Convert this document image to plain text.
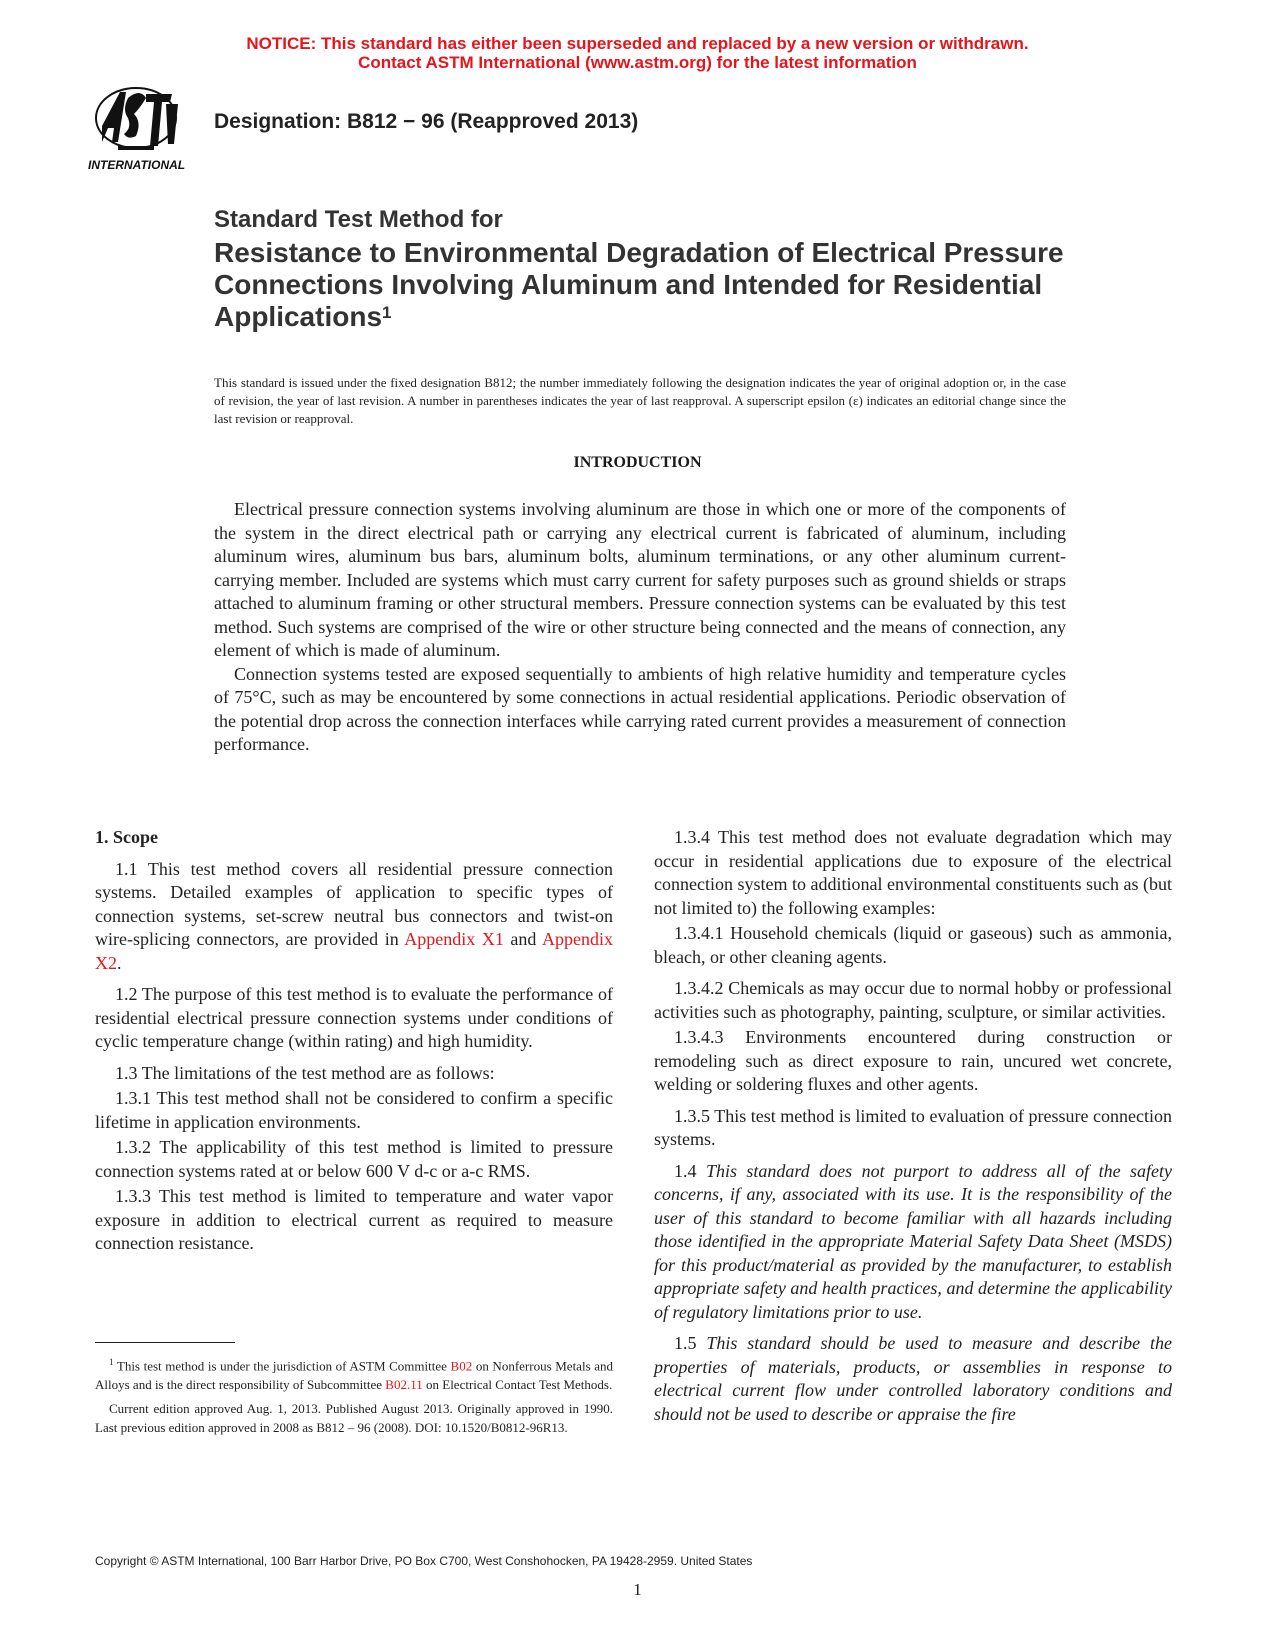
NOTICE: This standard has either been superseded and replaced by a new version or withdrawn.
Contact ASTM International (www.astm.org) for the latest information
INTERNATIONAL
Designation: B812 − 96 (Reapproved 2013)
Standard Test Method for
Resistance to Environmental Degradation of Electrical Pressure Connections Involving Aluminum and Intended for Residential Applications$^1$
This standard is issued under the fixed designation B812; the number immediately following the designation indicates the year of original adoption or, in the case of revision, the year of last revision. A number in parentheses indicates the year of last reapproval. A superscript epsilon (ε) indicates an editorial change since the last revision or reapproval.
INTRODUCTION

Electrical pressure connection systems involving aluminum are those in which one or more of the components of the system in the direct electrical path or carrying any electrical current is fabricated of aluminum, including aluminum wires, aluminum bus bars, aluminum bolts, aluminum terminations, or any other aluminum current-carrying member. Included are systems which must carry current for safety purposes such as ground shields or straps attached to aluminum framing or other structural members. Pressure connection systems can be evaluated by this test method. Such systems are comprised of the wire or other structure being connected and the means of connection, any element of which is made of aluminum.

Connection systems tested are exposed sequentially to ambients of high relative humidity and temperature cycles of 75°C, such as may be encountered by some connections in actual residential applications. Periodic observation of the potential drop across the connection interfaces while carrying rated current provides a measurement of connection performance.

1. Scope

1.1 This test method covers all residential pressure connection systems. Detailed examples of application to specific types of connection systems, set-screw neutral bus connectors and twist-on wire-splicing connectors, are provided in Appendix X1 and Appendix X2.

1.2 The purpose of this test method is to evaluate the performance of residential electrical pressure connection systems under conditions of cyclic temperature change (within rating) and high humidity.

1.3 The limitations of the test method are as follows:

1.3.1 This test method shall not be considered to confirm a specific lifetime in application environments.

1.3.2 The applicability of this test method is limited to pressure connection systems rated at or below 600 V d-c or a-c RMS.

1.3.3 This test method is limited to temperature and water vapor exposure in addition to electrical current as required to measure connection resistance.

1.3.4 This test method does not evaluate degradation which may occur in residential applications due to exposure of the electrical connection system to additional environmental constituents such as (but not limited to) the following examples:

1.3.4.1 Household chemicals (liquid or gaseous) such as ammonia, bleach, or other cleaning agents.

1.3.4.2 Chemicals as may occur due to normal hobby or professional activities such as photography, painting, sculpture, or similar activities.

1.3.4.3 Environments encountered during construction or remodeling such as direct exposure to rain, uncured wet concrete, welding or soldering fluxes and other agents.

1.3.5 This test method is limited to evaluation of pressure connection systems.

1.4 This standard does not purport to address all of the safety concerns, if any, associated with its use. It is the responsibility of the user of this standard to become familiar with all hazards including those identified in the appropriate Material Safety Data Sheet (MSDS) for this product/material as provided by the manufacturer, to establish appropriate safety and health practices, and determine the applicability of regulatory limitations prior to use.

1.5 This standard should be used to measure and describe the properties of materials, products, or assemblies in response to electrical current flow under controlled laboratory conditions and should not be used to describe or appraise the fire

$^1$ This test method is under the jurisdiction of ASTM Committee B02 on Nonferrous Metals and Alloys and is the direct responsibility of Subcommittee B02.11 on Electrical Contact Test Methods.

Current edition approved Aug. 1, 2013. Published August 2013. Originally approved in 1990. Last previous edition approved in 2008 as B812 – 96 (2008). DOI: 10.1520/B0812-96R13.

Copyright © ASTM International, 100 Barr Harbor Drive, PO Box C700, West Conshohocken, PA 19428-2959. United States
1
